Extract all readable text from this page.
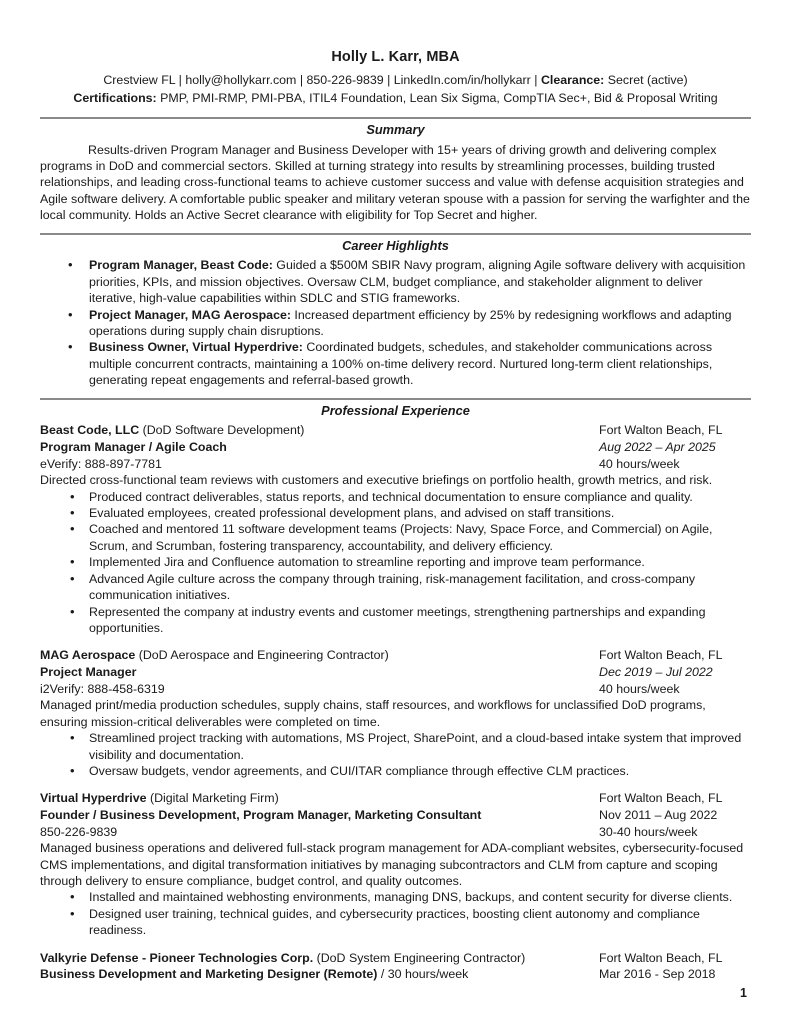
Holly L. Karr, MBA
Crestview FL | holly@hollykarr.com | 850-226-9839 | LinkedIn.com/in/hollykarr | Clearance: Secret (active)
Certifications: PMP, PMI-RMP, PMI-PBA, ITIL4 Foundation, Lean Six Sigma, CompTIA Sec+, Bid & Proposal Writing
Summary

Results-driven Program Manager and Business Developer with 15+ years of driving growth and delivering complex programs in DoD and commercial sectors. Skilled at turning strategy into results by streamlining processes, building trusted relationships, and leading cross-functional teams to achieve customer success and value with defense acquisition strategies and Agile software delivery. A comfortable public speaker and military veteran spouse with a passion for serving the warfighter and the local community. Holds an Active Secret clearance with eligibility for Top Secret and higher.

Career Highlights
• Program Manager, Beast Code: Guided a $500M SBIR Navy program, aligning Agile software delivery with acquisition priorities, KPIs, and mission objectives. Oversaw CLM, budget compliance, and stakeholder alignment to deliver iterative, high-value capabilities within SDLC and STIG frameworks.
• Project Manager, MAG Aerospace: Increased department efficiency by 25% by redesigning workflows and adapting operations during supply chain disruptions.
• Business Owner, Virtual Hyperdrive: Coordinated budgets, schedules, and stakeholder communications across multiple concurrent contracts, maintaining a 100% on-time delivery record. Nurtured long-term client relationships, generating repeat engagements and referral-based growth.
Professional Experience
Beast Code, LLC (DoD Software Development)	Fort Walton Beach, FL
Program Manager / Agile Coach	Aug 2022 – Apr 2025
eVerify: 888-897-7781	40 hours/week

Directed cross-functional team reviews with customers and executive briefings on portfolio health, growth metrics, and risk.

• Produced contract deliverables, status reports, and technical documentation to ensure compliance and quality.
• Evaluated employees, created professional development plans, and advised on staff transitions.
• Coached and mentored 11 software development teams (Projects: Navy, Space Force, and Commercial) on Agile, Scrum, and Scrumban, fostering transparency, accountability, and delivery efficiency.
• Implemented Jira and Confluence automation to streamline reporting and improve team performance.
• Advanced Agile culture across the company through training, risk-management facilitation, and cross-company communication initiatives.
• Represented the company at industry events and customer meetings, strengthening partnerships and expanding opportunities.
MAG Aerospace (DoD Aerospace and Engineering Contractor)	Fort Walton Beach, FL
Project Manager	Dec 2019 – Jul 2022
i2Verify: 888-458-6319	40 hours/week

Managed print/media production schedules, supply chains, staff resources, and workflows for unclassified DoD programs, ensuring mission-critical deliverables were completed on time.

• Streamlined project tracking with automations, MS Project, SharePoint, and a cloud-based intake system that improved visibility and documentation.
• Oversaw budgets, vendor agreements, and CUI/ITAR compliance through effective CLM practices.
Virtual Hyperdrive (Digital Marketing Firm)	Fort Walton Beach, FL
Founder / Business Development, Program Manager, Marketing Consultant	Nov 2011 – Aug 2022
850-226-9839	30-40 hours/week

Managed business operations and delivered full-stack program management for ADA-compliant websites, cybersecurity-focused CMS implementations, and digital transformation initiatives by managing subcontractors and CLM from capture and scoping through delivery to ensure compliance, budget control, and quality outcomes.

• Installed and maintained webhosting environments, managing DNS, backups, and content security for diverse clients.
• Designed user training, technical guides, and cybersecurity practices, boosting client autonomy and compliance readiness.
Valkyrie Defense - Pioneer Technologies Corp. (DoD System Engineering Contractor)	Fort Walton Beach, FL
Business Development and Marketing Designer (Remote) / 30 hours/week	Mar 2016 - Sep 2018
1
